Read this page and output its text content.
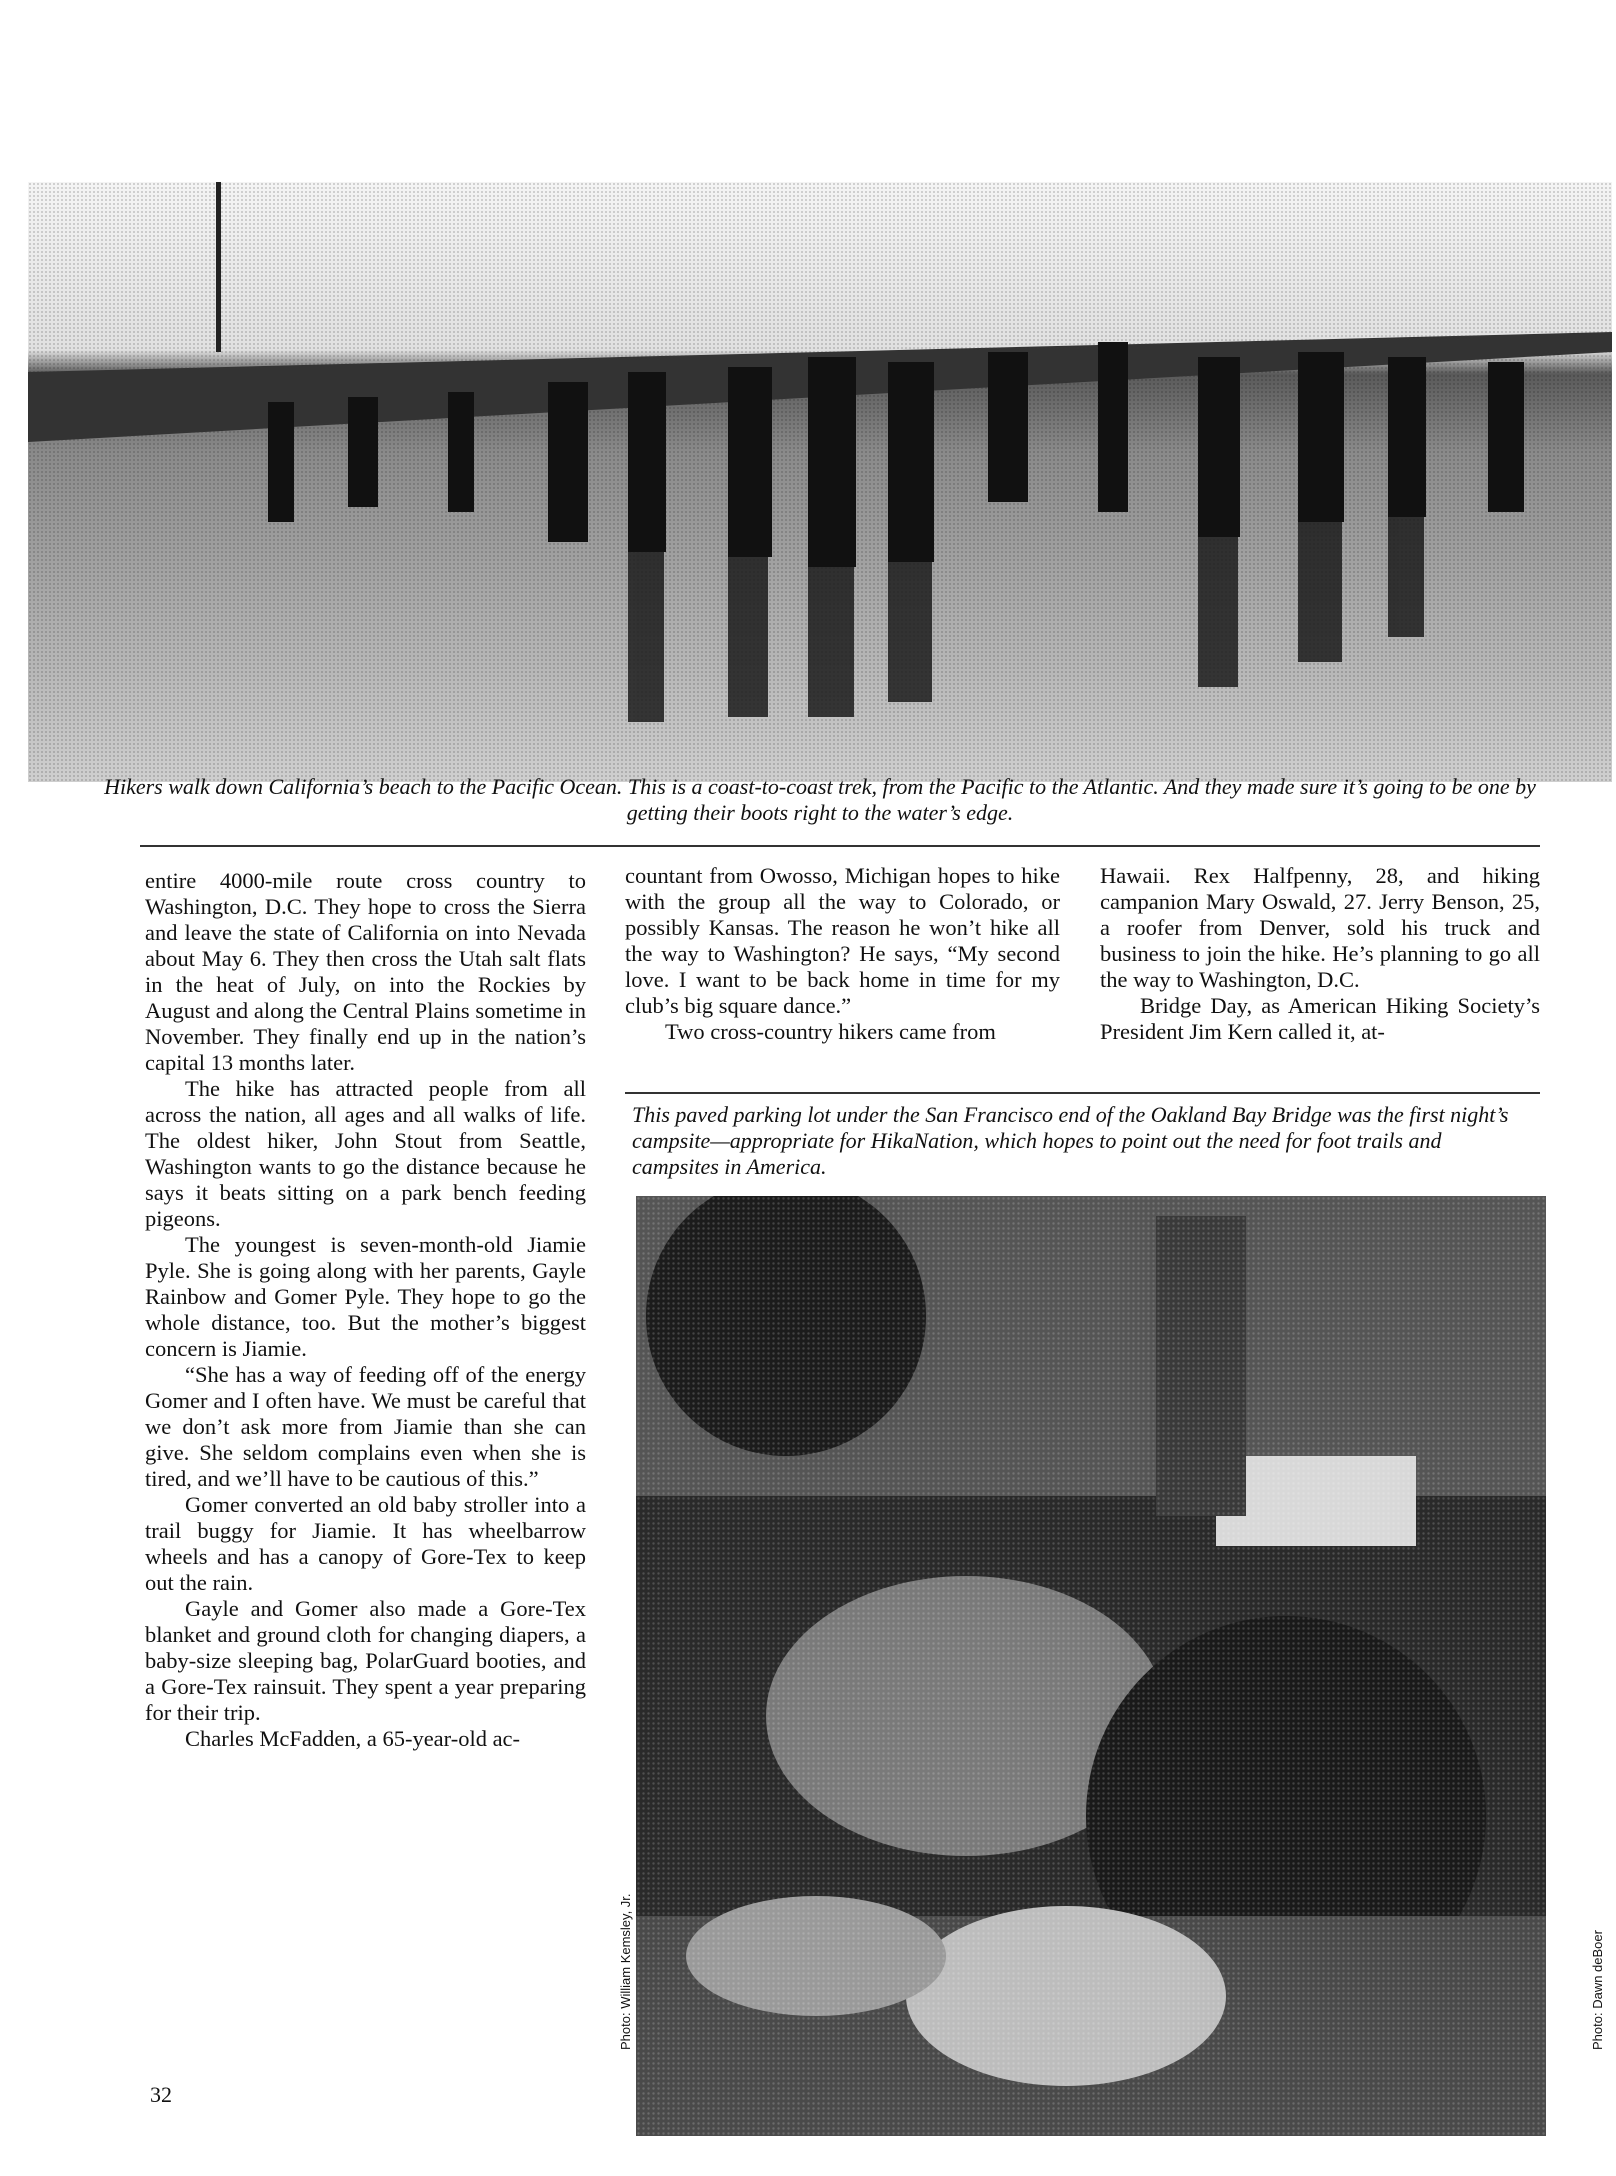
Hikers walk down California’s beach to the Pacific Ocean. This is a coast-to-coast trek, from the Pacific to the Atlantic. And they made sure it’s going to be one by getting their boots right to the water’s edge.

entire 4000-mile route cross country to Washington, D.C. They hope to cross the Sierra and leave the state of California on into Nevada about May 6. They then cross the Utah salt flats in the heat of July, on into the Rockies by August and along the Central Plains sometime in November. They finally end up in the nation’s capital 13 months later.

The hike has attracted people from all across the nation, all ages and all walks of life. The oldest hiker, John Stout from Seattle, Washington wants to go the distance because he says it beats sitting on a park bench feeding pigeons.

The youngest is seven-month-old Jiamie Pyle. She is going along with her parents, Gayle Rainbow and Gomer Pyle. They hope to go the whole distance, too. But the mother’s biggest concern is Jiamie.

“She has a way of feeding off of the energy Gomer and I often have. We must be careful that we don’t ask more from Jiamie than she can give. She seldom complains even when she is tired, and we’ll have to be cautious of this.”

Gomer converted an old baby stroller into a trail buggy for Jiamie. It has wheelbarrow wheels and has a canopy of Gore-Tex to keep out the rain.

Gayle and Gomer also made a Gore-Tex blanket and ground cloth for changing diapers, a baby-size sleeping bag, PolarGuard booties, and a Gore-Tex rainsuit. They spent a year preparing for their trip.

Charles McFadden, a 65-year-old ac-

countant from Owosso, Michigan hopes to hike with the group all the way to Colorado, or possibly Kansas. The reason he won’t hike all the way to Washington? He says, “My second love. I want to be back home in time for my club’s big square dance.”

Two cross-country hikers came from

Hawaii. Rex Halfpenny, 28, and hiking campanion Mary Oswald, 27. Jerry Benson, 25, a roofer from Denver, sold his truck and business to join the hike. He’s planning to go all the way to Washington, D.C.

Bridge Day, as American Hiking Society’s President Jim Kern called it, at-

This paved parking lot under the San Francisco end of the Oakland Bay Bridge was the first night’s campsite—appropriate for HikaNation, which hopes to point out the need for foot trails and campsites in America.
Photo: William Kemsley, Jr.	Photo: Dawn deBoer
32
